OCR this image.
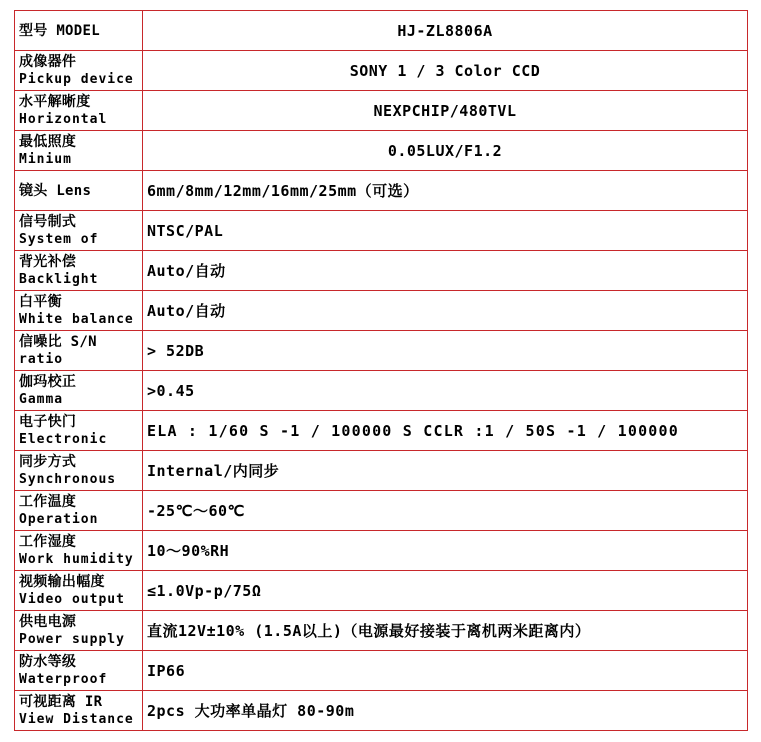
型号 MODEL	HJ-ZL8806A

成像器件
Pickup device	SONY 1 / 3 Color CCD

水平解晰度
Horizontal	NEXPCHIP/480TVL

最低照度
Minium	0.05LUX/F1.2

镜头 Lens	6mm/8mm/12mm/16mm/25mm（可选）

信号制式
System of	NTSC/PAL

背光补偿
Backlight	Auto/自动

白平衡
White balance	Auto/自动

信噪比 S/N
ratio	> 52DB

伽玛校正
Gamma	>0.45

电子快门
Electronic	ELA : 1/60 S -1 / 100000 S CCLR :1 / 50S -1 / 100000

同步方式
Synchronous	Internal/内同步

工作温度
Operation	-25℃～60℃

工作湿度
Work humidity	10～90%RH

视频输出幅度
Video output	≤1.0Vp-p/75Ω

供电电源
Power supply	直流12V±10% (1.5A以上)（电源最好接装于离机两米距离内）

防水等级
Waterproof	IP66

可视距离 IR
View Distance	2pcs 大功率单晶灯 80-90m
